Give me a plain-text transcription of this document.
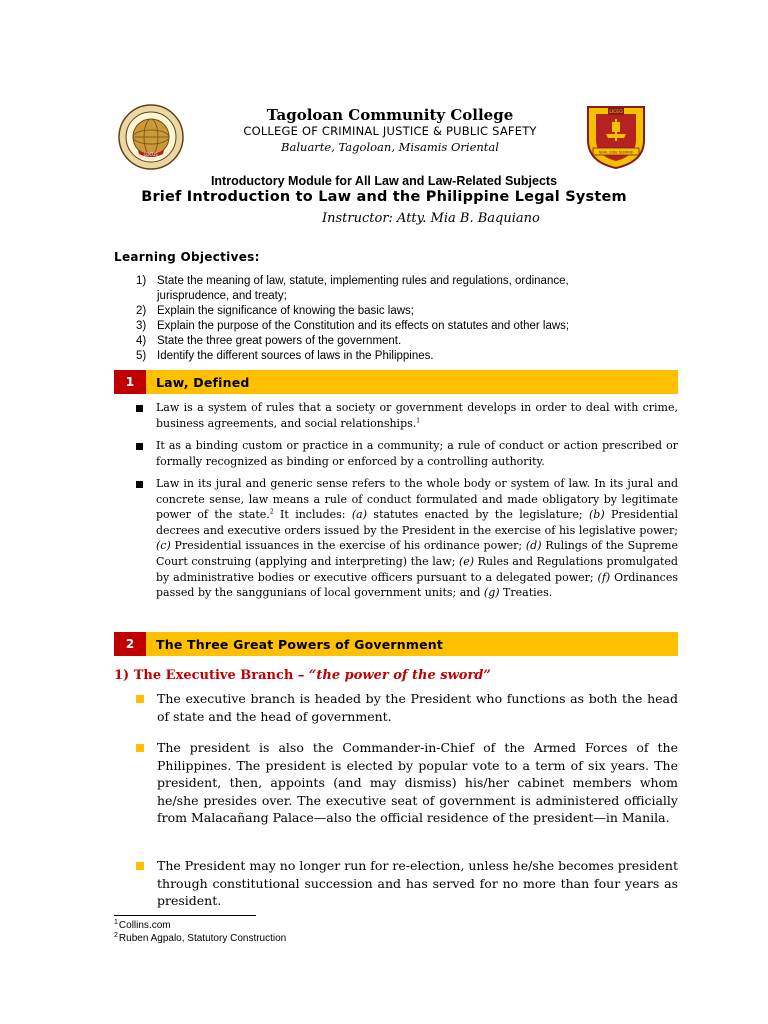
LOCUS
LICEO
NIHIL SINE NUMINE
Tagoloan Community College
COLLEGE OF CRIMINAL JUSTICE & PUBLIC SAFETY
Baluarte, Tagoloan, Misamis Oriental
Introductory Module for All Law and Law-Related Subjects
Brief Introduction to Law and the Philippine Legal System
Instructor: Atty. Mia B. Baquiano
Learning Objectives:
1) State the meaning of law, statute, implementing rules and regulations, ordinance,
jurisprudence, and treaty;
2) Explain the significance of knowing the basic laws;
3) Explain the purpose of the Constitution and its effects on statutes and other laws;
4) State the three great powers of the government.
5) Identify the different sources of laws in the Philippines.
1	Law, Defined
Law is a system of rules that a society or government develops in order to deal with crime, business agreements, and social relationships.$^1$
It as a binding custom or practice in a community; a rule of conduct or action prescribed or formally recognized as binding or enforced by a controlling authority.
Law in its jural and generic sense refers to the whole body or system of law. In its jural and concrete sense, law means a rule of conduct formulated and made obligatory by legitimate power of the state.$^2$ It includes: (a) statutes enacted by the legislature; (b) Presidential decrees and executive orders issued by the President in the exercise of his legislative power; (c) Presidential issuances in the exercise of his ordinance power; (d) Rulings of the Supreme Court construing (applying and interpreting) the law; (e) Rules and Regulations promulgated by administrative bodies or executive officers pursuant to a delegated power; (f) Ordinances passed by the sanggunians of local government units; and (g) Treaties.
2	The Three Great Powers of Government
1) The Executive Branch – “the power of the sword”
The executive branch is headed by the President who functions as both the head of state and the head of government.
The president is also the Commander-in-Chief of the Armed Forces of the Philippines. The president is elected by popular vote to a term of six years. The president, then, appoints (and may dismiss) his/her cabinet members whom he/she presides over. The executive seat of government is administered officially from Malacañang Palace—also the official residence of the president—in Manila.
The President may no longer run for re-election, unless he/she becomes president through constitutional succession and has served for no more than four years as president.
$^1$Collins.com
$^2$Ruben Agpalo, Statutory Construction
